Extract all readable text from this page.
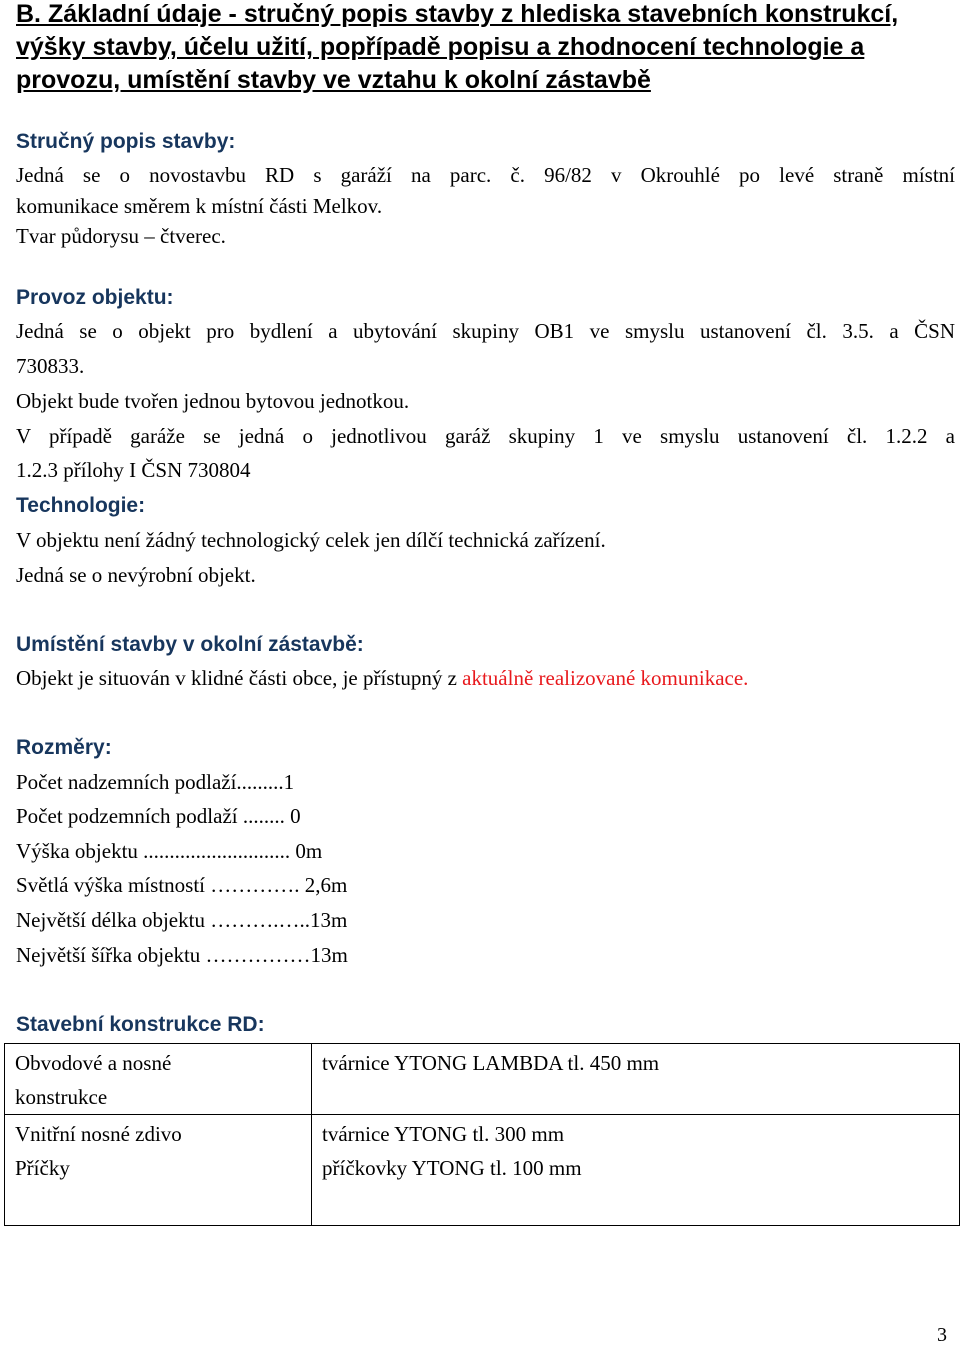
B. Základní údaje - stručný popis stavby z hlediska stavebních konstrukcí, výšky stavby, účelu užití, popřípadě popisu a zhodnocení technologie a provozu, umístění stavby ve vztahu k okolní zástavbě
Stručný popis stavby:
Jedná se o novostavbu RD s garáží na parc. č. 96/82 v Okrouhlé po levé straně místní
komunikace směrem k místní části Melkov.
Tvar půdorysu – čtverec.
Provoz objektu:
Jedná se o objekt pro bydlení a ubytování skupiny OB1 ve smyslu ustanovení čl. 3.5. a ČSN
730833.
Objekt bude tvořen jednou bytovou jednotkou.
V případě garáže se jedná o jednotlivou garáž skupiny 1 ve smyslu ustanovení čl. 1.2.2 a
1.2.3 přílohy I ČSN 730804
Technologie:
V objektu není žádný technologický celek jen dílčí technická zařízení.
Jedná se o nevýrobní objekt.
Umístění stavby v okolní zástavbě:
Objekt je situován v klidné části obce, je přístupný z aktuálně realizované komunikace.
Rozměry:
Počet nadzemních podlaží.........1
Počet podzemních podlaží ........ 0
Výška objektu ............................ 0m
Světlá výška místností …………. 2,6m
Největší délka objektu ……….…..13m
Největší šířka objektu ……………13m
Stavební konstrukce RD:
Obvodové a nosné
konstrukce	tvárnice YTONG LAMBDA tl. 450 mm

Vnitřní nosné zdivo
Příčky	tvárnice YTONG tl. 300 mm
příčkovky YTONG tl. 100 mm
3
